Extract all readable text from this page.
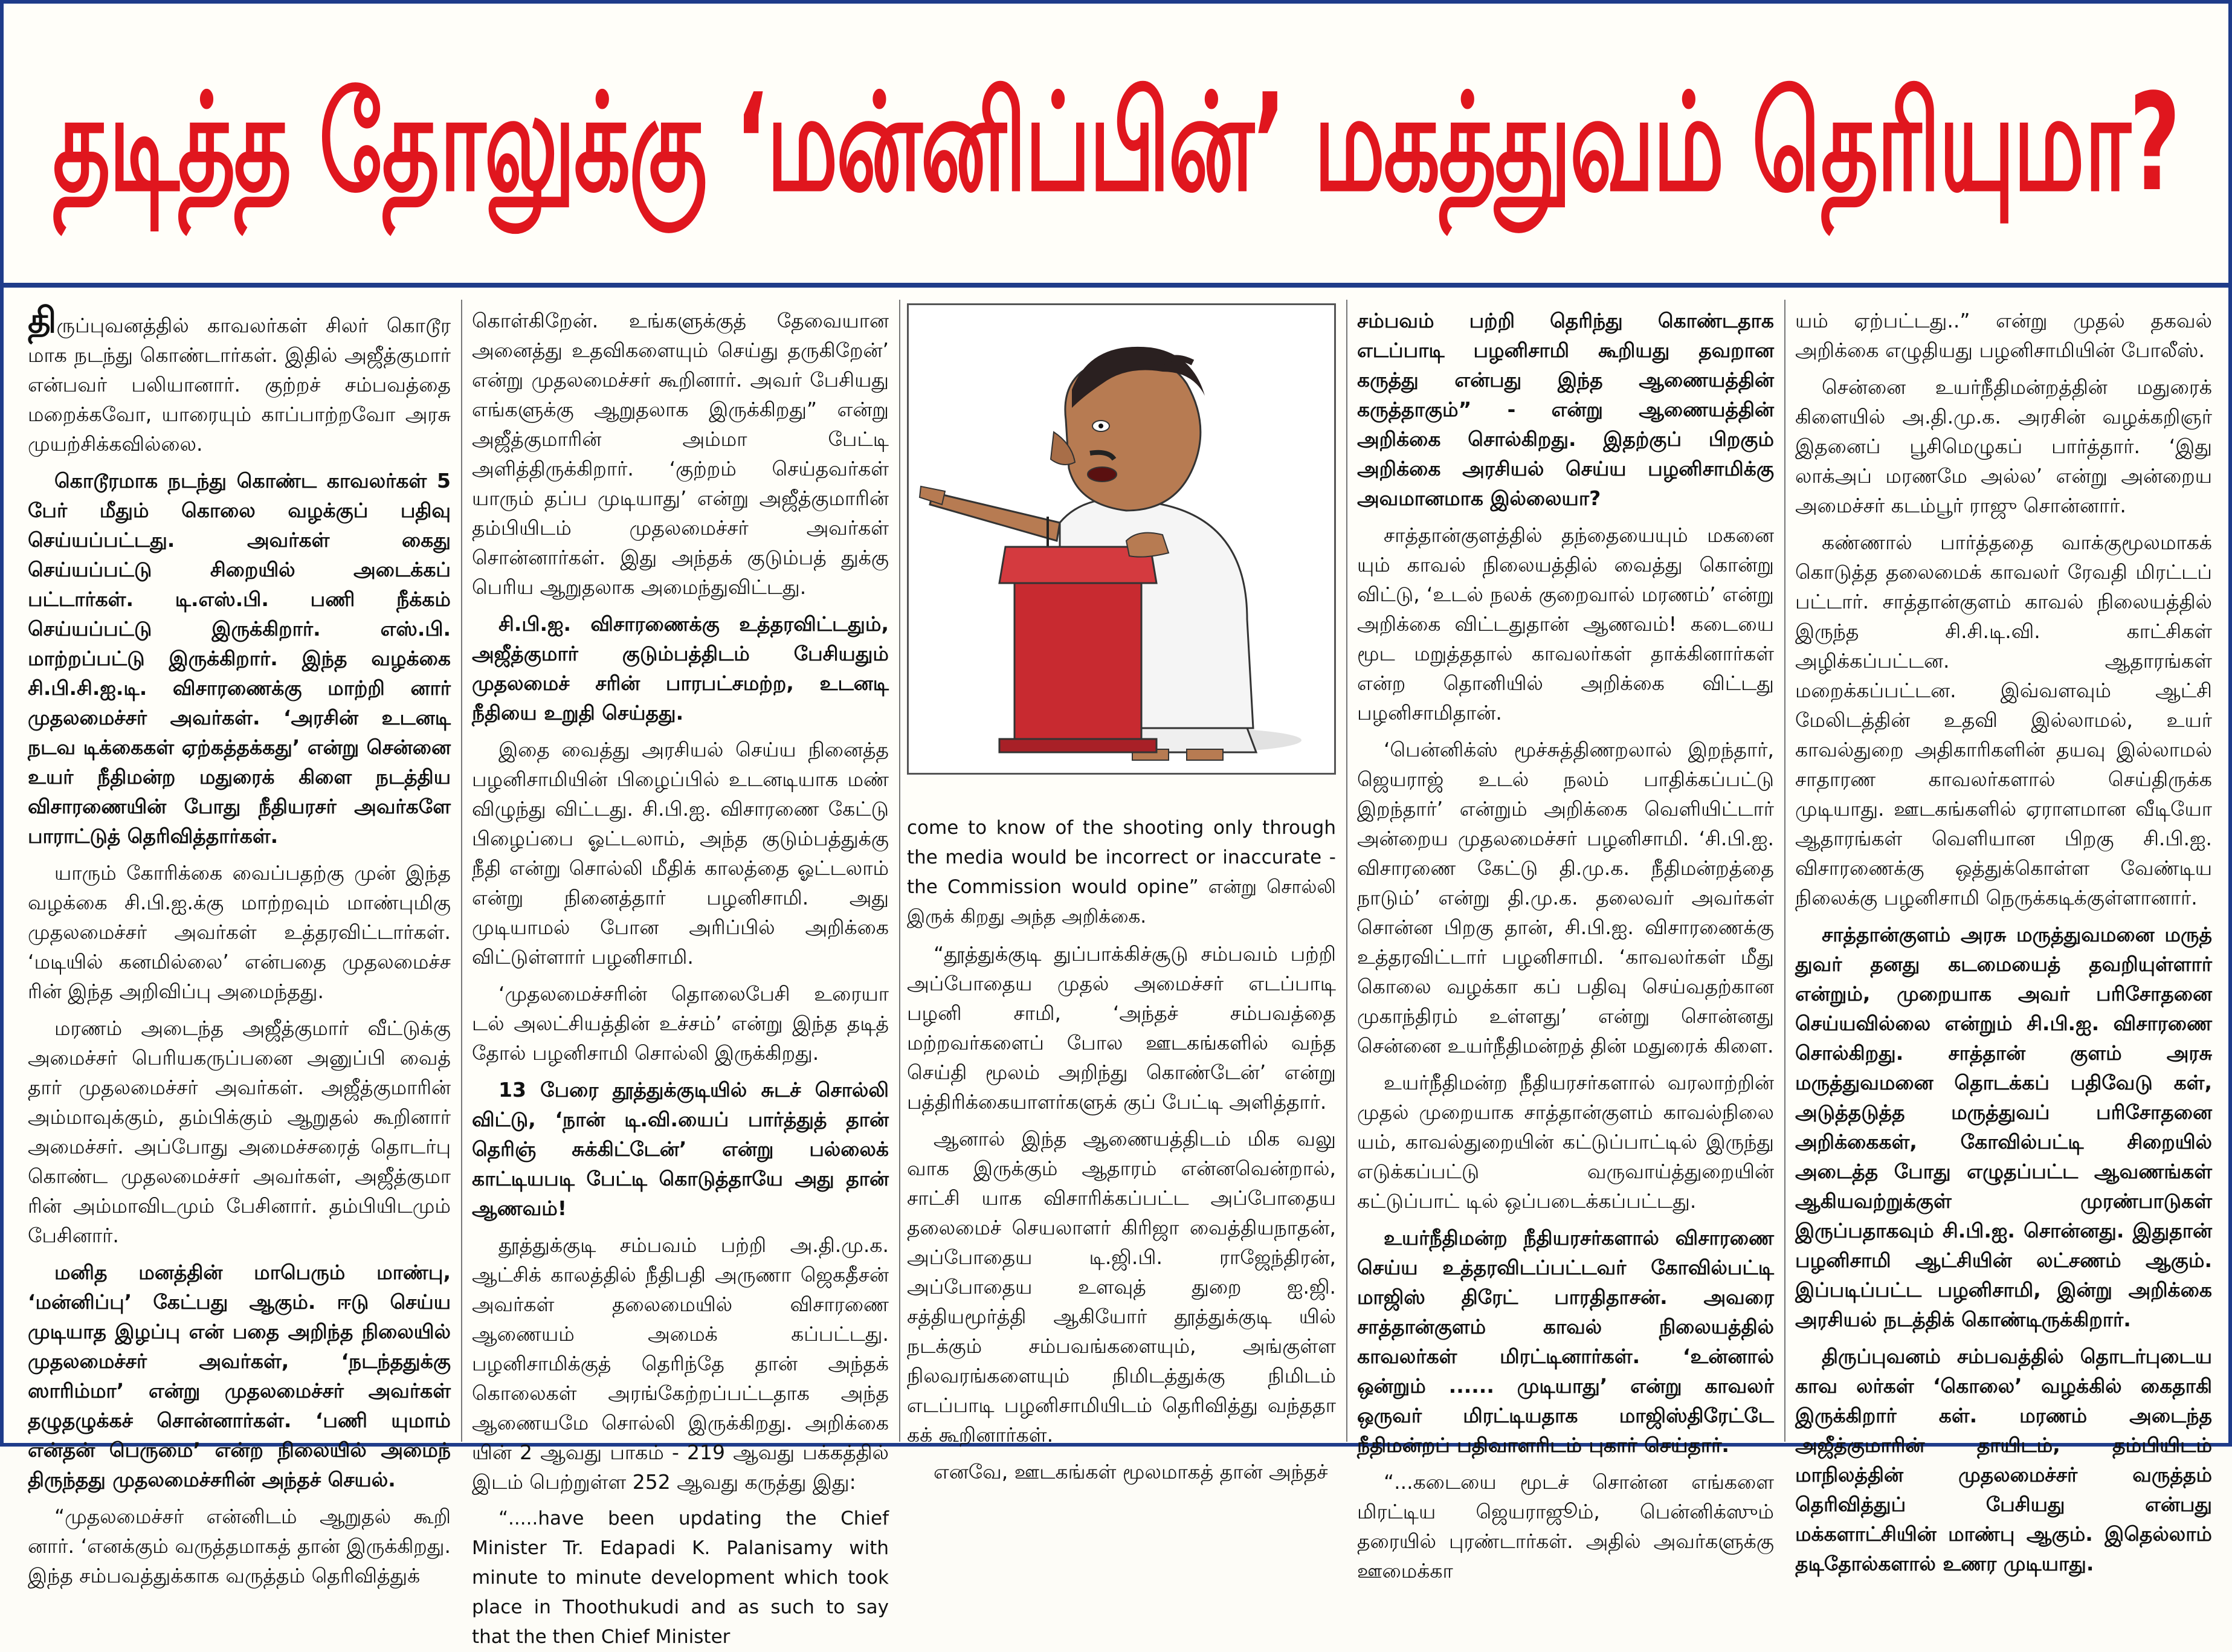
தடித்த தோலுக்கு ‘மன்னிப்பின்’ மகத்துவம் தெரியுமா?

திருப்புவனத்தில் காவலர்கள் சிலர் கொடூர மாக நடந்து கொண்டார்கள். இதில் அஜீத்குமார் என்பவர் பலியானார். குற்றச் சம்பவத்தை மறைக்கவோ, யாரையும் காப்பாற்றவோ அரசு முயற்சிக்கவில்லை.

கொடூரமாக நடந்து கொண்ட காவலர்கள் 5 பேர் மீதும் கொலை வழக்குப் பதிவு செய்யப்பட்டது. அவர்கள் கைது செய்யப்பட்டு சிறையில் அடைக்கப் பட்டார்கள். டி.எஸ்.பி. பணி நீக்கம் செய்யப்பட்டு இருக்கிறார். எஸ்.பி. மாற்றப்பட்டு இருக்கிறார். இந்த வழக்கை சி.பி.சி.ஐ.டி. விசாரணைக்கு மாற்றி னார் முதலமைச்சர் அவர்கள். ‘அரசின் உடனடி நடவ டிக்கைகள் ஏற்கத்தக்கது’ என்று சென்னை உயர் நீதிமன்ற மதுரைக் கிளை நடத்திய விசாரணையின் போது நீதியரசர் அவர்களே பாராட்டுத் தெரிவித்தார்கள்.

யாரும் கோரிக்கை வைப்பதற்கு முன் இந்த வழக்கை சி.பி.ஐ.க்கு மாற்றவும் மாண்புமிகு முதலமைச்சர் அவர்கள் உத்தரவிட்டார்கள். ‘மடியில் கனமில்லை’ என்பதை முதலமைச்ச ரின் இந்த அறிவிப்பு அமைந்தது.

மரணம் அடைந்த அஜீத்குமார் வீட்டுக்கு அமைச்சர் பெரியகருப்பனை அனுப்பி வைத் தார் முதலமைச்சர் அவர்கள். அஜீத்குமாரின் அம்மாவுக்கும், தம்பிக்கும் ஆறுதல் கூறினார் அமைச்சர். அப்போது அமைச்சரைத் தொடர்பு கொண்ட முதலமைச்சர் அவர்கள், அஜீத்குமா ரின் அம்மாவிடமும் பேசினார். தம்பியிடமும் பேசினார்.

மனித மனத்தின் மாபெரும் மாண்பு, ‘மன்னிப்பு’ கேட்பது ஆகும். ஈடு செய்ய முடியாத இழப்பு என் பதை அறிந்த நிலையில் முதலமைச்சர் அவர்கள், ‘நடந்ததுக்கு ஸாரிம்மா’ என்று முதலமைச்சர் அவர்கள் தழுதழுக்கச் சொன்னார்கள். ‘பணி யுமாம் என்தன் பெருமை’ என்ற நிலையில் அமைந் திருந்தது முதலமைச்சரின் அந்தச் செயல்.

“முதலமைச்சர் என்னிடம் ஆறுதல் கூறி னார். ‘எனக்கும் வருத்தமாகத் தான் இருக்கிறது. இந்த சம்பவத்துக்காக வருத்தம் தெரிவித்துக்

கொள்கிறேன். உங்களுக்குத் தேவையான அனைத்து உதவிகளையும் செய்து தருகிறேன்’ என்று முதலமைச்சர் கூறினார். அவர் பேசியது எங்களுக்கு ஆறுதலாக இருக்கிறது” என்று அஜீத்குமாரின் அம்மா பேட்டி அளித்திருக்கிறார். ‘குற்றம் செய்தவர்கள் யாரும் தப்ப முடியாது’ என்று அஜீத்குமாரின் தம்பியிடம் முதலமைச்சர் அவர்கள் சொன்னார்கள். இது அந்தக் குடும்பத் துக்கு பெரிய ஆறுதலாக அமைந்துவிட்டது.

சி.பி.ஐ. விசாரணைக்கு உத்தரவிட்டதும், அஜீத்குமார் குடும்பத்திடம் பேசியதும் முதலமைச் சரின் பாரபட்சமற்ற, உடனடி நீதியை உறுதி செய்தது.

இதை வைத்து அரசியல் செய்ய நினைத்த பழனிசாமியின் பிழைப்பில் உடனடியாக மண் விழுந்து விட்டது. சி.பி.ஐ. விசாரணை கேட்டு பிழைப்பை ஓட்டலாம், அந்த குடும்பத்துக்கு நீதி என்று சொல்லி மீதிக் காலத்தை ஓட்டலாம் என்று நினைத்தார் பழனிசாமி. அது முடியாமல் போன அரிப்பில் அறிக்கை விட்டுள்ளார் பழனிசாமி.

‘முதலமைச்சரின் தொலைபேசி உரையா டல் அலட்சியத்தின் உச்சம்’ என்று இந்த தடித் தோல் பழனிசாமி சொல்லி இருக்கிறது.

13 பேரை தூத்துக்குடியில் சுடச் சொல்லி விட்டு, ‘நான் டி.வி.யைப் பார்த்துத் தான் தெரிஞ் சுக்கிட்டேன்’ என்று பல்லைக் காட்டியபடி பேட்டி கொடுத்தாயே அது தான் ஆணவம்!

தூத்துக்குடி சம்பவம் பற்றி அ.தி.மு.க. ஆட்சிக் காலத்தில் நீதிபதி அருணா ஜெகதீசன் அவர்கள் தலைமையில் விசாரணை ஆணையம் அமைக் கப்பட்டது. பழனிசாமிக்குத் தெரிந்தே தான் அந்தக் கொலைகள் அரங்கேற்றப்பட்டதாக அந்த ஆணையமே சொல்லி இருக்கிறது. அறிக்கை யின் 2 ஆவது பாகம் - 219 ஆவது பக்கத்தில் இடம் பெற்றுள்ள 252 ஆவது கருத்து இது:

“.....have been updating the Chief Minister Tr. Edapadi K. Palanisamy with minute to minute development which took place in Thoothukudi and as such to say that the then Chief Minister

come to know of the shooting only through the media would be incorrect or inaccurate - the Commission would opine” என்று சொல்லி இருக் கிறது அந்த அறிக்கை.

“தூத்துக்குடி துப்பாக்கிச்சூடு சம்பவம் பற்றி அப்போதைய முதல் அமைச்சர் எடப்பாடி பழனி சாமி, ‘அந்தச் சம்பவத்தை மற்றவர்களைப் போல ஊடகங்களில் வந்த செய்தி மூலம் அறிந்து கொண்டேன்’ என்று பத்திரிக்கையாளர்களுக் குப் பேட்டி அளித்தார்.

ஆனால் இந்த ஆணையத்திடம் மிக வலு வாக இருக்கும் ஆதாரம் என்னவென்றால், சாட்சி யாக விசாரிக்கப்பட்ட அப்போதைய தலைமைச் செயலாளர் கிரிஜா வைத்தியநாதன், அப்போதைய டி.ஜி.பி. ராஜேந்திரன், அப்போதைய உளவுத் துறை ஐ.ஜி. சத்தியமூர்த்தி ஆகியோர் தூத்துக்குடி யில் நடக்கும் சம்பவங்களையும், அங்குள்ள நிலவரங்களையும் நிமிடத்துக்கு நிமிடம் எடப்பாடி பழனிசாமியிடம் தெரிவித்து வந்ததா கக் கூறினார்கள்.

எனவே, ஊடகங்கள் மூலமாகத் தான் அந்தச்

சம்பவம் பற்றி தெரிந்து கொண்டதாக எடப்பாடி பழனிசாமி கூறியது தவறான கருத்து என்பது இந்த ஆணையத்தின் கருத்தாகும்” - என்று ஆணையத்தின் அறிக்கை சொல்கிறது. இதற்குப் பிறகும் அறிக்கை அரசியல் செய்ய பழனிசாமிக்கு அவமானமாக இல்லையா?

சாத்தான்குளத்தில் தந்தையையும் மகனை யும் காவல் நிலையத்தில் வைத்து கொன்று விட்டு, ‘உடல் நலக் குறைவால் மரணம்’ என்று அறிக்கை விட்டதுதான் ஆணவம்! கடையை மூட மறுத்ததால் காவலர்கள் தாக்கினார்கள் என்ற தொனியில் அறிக்கை விட்டது பழனிசாமிதான்.

‘பென்னிக்ஸ் மூச்சுத்திணறலால் இறந்தார், ஜெயராஜ் உடல் நலம் பாதிக்கப்பட்டு இறந்தார்’ என்றும் அறிக்கை வெளியிட்டார் அன்றைய முதலமைச்சர் பழனிசாமி. ‘சி.பி.ஐ. விசாரணை கேட்டு தி.மு.க. நீதிமன்றத்தை நாடும்’ என்று தி.மு.க. தலைவர் அவர்கள் சொன்ன பிறகு தான், சி.பி.ஐ. விசாரணைக்கு உத்தரவிட்டார் பழனிசாமி. ‘காவலர்கள் மீது கொலை வழக்கா கப் பதிவு செய்வதற்கான முகாந்திரம் உள்ளது’ என்று சொன்னது சென்னை உயர்நீதிமன்றத் தின் மதுரைக் கிளை.

உயர்நீதிமன்ற நீதியரசர்களால் வரலாற்றின் முதல் முறையாக சாத்தான்குளம் காவல்நிலை யம், காவல்துறையின் கட்டுப்பாட்டில் இருந்து எடுக்கப்பட்டு வருவாய்த்துறையின் கட்டுப்பாட் டில் ஒப்படைக்கப்பட்டது.

உயர்நீதிமன்ற நீதியரசர்களால் விசாரணை செய்ய உத்தரவிடப்பட்டவர் கோவில்பட்டி மாஜிஸ் திரேட் பாரதிதாசன். அவரை சாத்தான்குளம் காவல் நிலையத்தில் காவலர்கள் மிரட்டினார்கள். ‘உன்னால் ஒன்றும் ...... முடியாது’ என்று காவலர் ஒருவர் மிரட்டியதாக மாஜிஸ்திரேட்டே நீதிமன்றப் பதிவாளரிடம் புகார் செய்தார்.

“...கடையை மூடச் சொன்ன எங்களை மிரட்டிய ஜெயராஜூம், பென்னிக்ஸும் தரையில் புரண்டார்கள். அதில் அவர்களுக்கு ஊமைக்கா

யம் ஏற்பட்டது..” என்று முதல் தகவல் அறிக்கை எழுதியது பழனிசாமியின் போலீஸ்.

சென்னை உயர்நீதிமன்றத்தின் மதுரைக் கிளையில் அ.தி.மு.க. அரசின் வழக்கறிஞர் இதனைப் பூசிமெழுகப் பார்த்தார். ‘இது லாக்அப் மரணமே அல்ல’ என்று அன்றைய அமைச்சர் கடம்பூர் ராஜு சொன்னார்.

கண்ணால் பார்த்ததை வாக்குமூலமாகக் கொடுத்த தலைமைக் காவலர் ரேவதி மிரட்டப் பட்டார். சாத்தான்குளம் காவல் நிலையத்தில் இருந்த சி.சி.டி.வி. காட்சிகள் அழிக்கப்பட்டன. ஆதாரங்கள் மறைக்கப்பட்டன. இவ்வளவும் ஆட்சி மேலிடத்தின் உதவி இல்லாமல், உயர் காவல்துறை அதிகாரிகளின் தயவு இல்லாமல் சாதாரண காவலர்களால் செய்திருக்க முடியாது. ஊடகங்களில் ஏராளமான வீடியோ ஆதாரங்கள் வெளியான பிறகு சி.பி.ஐ. விசாரணைக்கு ஒத்துக்கொள்ள வேண்டிய நிலைக்கு பழனிசாமி நெருக்கடிக்குள்ளானார்.

சாத்தான்குளம் அரசு மருத்துவமனை மருத் துவர் தனது கடமையைத் தவறியுள்ளார் என்றும், முறையாக அவர் பரிசோதனை செய்யவில்லை என்றும் சி.பி.ஐ. விசாரணை சொல்கிறது. சாத்தான் குளம் அரசு மருத்துவமனை தொடக்கப் பதிவேடு கள், அடுத்தடுத்த மருத்துவப் பரிசோதனை அறிக்கைகள், கோவில்பட்டி சிறையில் அடைத்த போது எழுதப்பட்ட ஆவணங்கள் ஆகியவற்றுக்குள் முரண்பாடுகள் இருப்பதாகவும் சி.பி.ஐ. சொன்னது. இதுதான் பழனிசாமி ஆட்சியின் லட்சணம் ஆகும். இப்படிப்பட்ட பழனிசாமி, இன்று அறிக்கை அரசியல் நடத்திக் கொண்டிருக்கிறார்.

திருப்புவனம் சம்பவத்தில் தொடர்புடைய காவ லர்கள் ‘கொலை’ வழக்கில் கைதாகி இருக்கிறார் கள். மரணம் அடைந்த அஜீத்குமாரின் தாயிடம், தம்பியிடம் மாநிலத்தின் முதலமைச்சர் வருத்தம் தெரிவித்துப் பேசியது என்பது மக்களாட்சியின் மாண்பு ஆகும். இதெல்லாம் தடிதோல்களால் உணர முடியாது.
